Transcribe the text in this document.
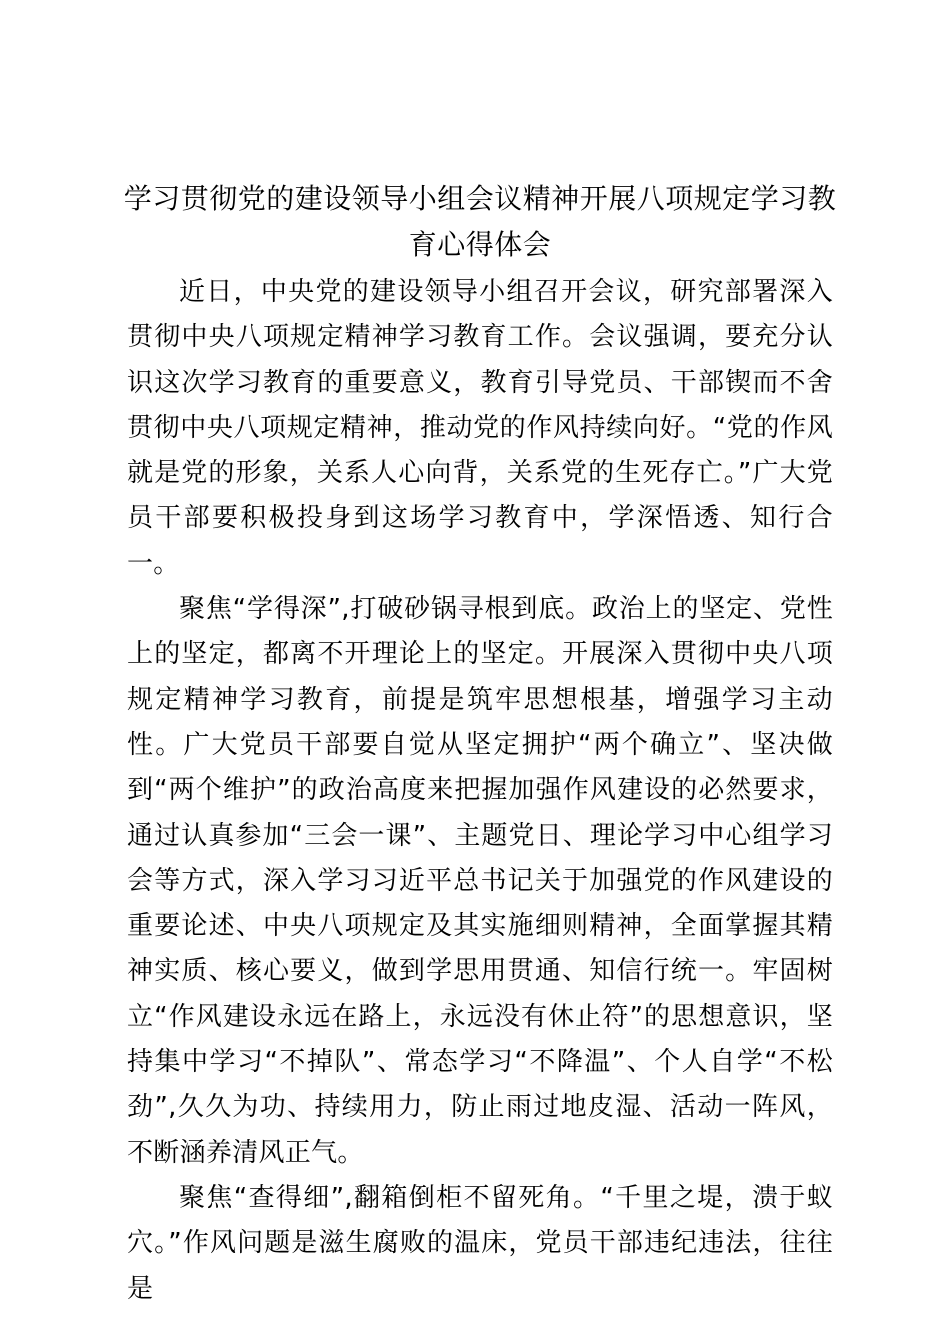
学习贯彻党的建设领导小组会议精神开展八项规定学习教育心得体会

近日，中央党的建设领导小组召开会议，研究部署深入贯彻中央八项规定精神学习教育工作。会议强调，要充分认识这次学习教育的重要意义，教育引导党员、干部锲而不舍贯彻中央八项规定精神，推动党的作风持续向好。“党的作风就是党的形象，关系人心向背，关系党的生死存亡。”广大党员干部要积极投身到这场学习教育中，学深悟透、知行合一。

聚焦“学得深”,打破砂锅寻根到底。政治上的坚定、党性上的坚定，都离不开理论上的坚定。开展深入贯彻中央八项规定精神学习教育，前提是筑牢思想根基，增强学习主动性。广大党员干部要自觉从坚定拥护“两个确立”、坚决做到“两个维护”的政治高度来把握加强作风建设的必然要求，通过认真参加“三会一课”、主题党日、理论学习中心组学习会等方式，深入学习习近平总书记关于加强党的作风建设的重要论述、中央八项规定及其实施细则精神，全面掌握其精神实质、核心要义，做到学思用贯通、知信行统一。牢固树立“作风建设永远在路上，永远没有休止符”的思想意识，坚持集中学习“不掉队”、常态学习“不降温”、个人自学“不松劲”,久久为功、持续用力，防止雨过地皮湿、活动一阵风，不断涵养清风正气。

聚焦“查得细”,翻箱倒柜不留死角。“千里之堤，溃于蚁穴。”作风问题是滋生腐败的温床，党员干部违纪违法，往往是
